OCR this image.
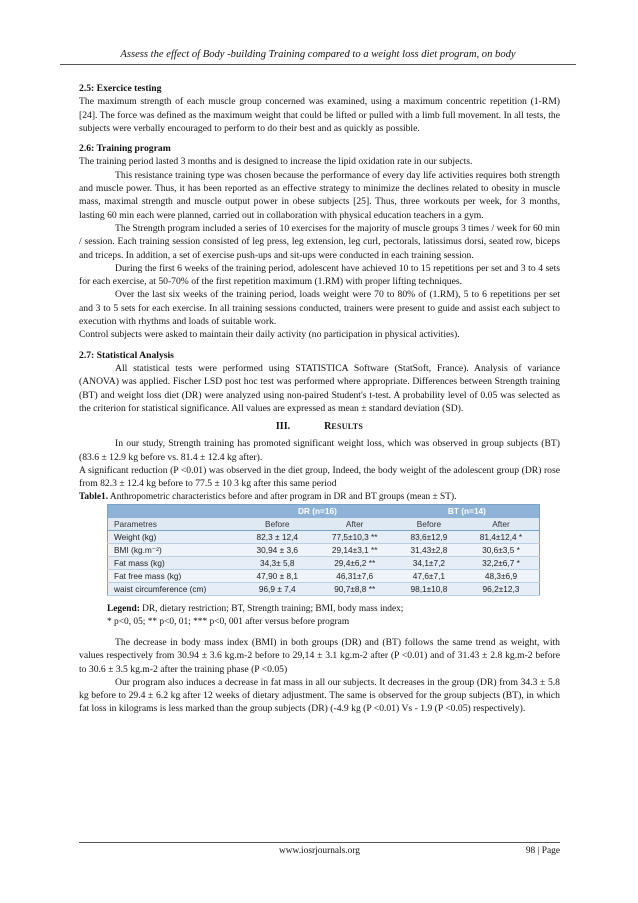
Assess the effect of Body -building Training compared to a weight loss diet program, on body

2.5: Exercice testing

The maximum strength of each muscle group concerned was examined, using a maximum concentric repetition (1-RM) [24]. The force was defined as the maximum weight that could be lifted or pulled with a limb full movement. In all tests, the subjects were verbally encouraged to perform to do their best and as quickly as possible.

2.6: Training program

The training period lasted 3 months and is designed to increase the lipid oxidation rate in our subjects.

This resistance training type was chosen because the performance of every day life activities requires both strength and muscle power. Thus, it has been reported as an effective strategy to minimize the declines related to obesity in muscle mass, maximal strength and muscle output power in obese subjects [25]. Thus, three workouts per week, for 3 months, lasting 60 min each were planned, carried out in collaboration with physical education teachers in a gym.

The Strength program included a series of 10 exercises for the majority of muscle groups 3 times / week for 60 min / session. Each training session consisted of leg press, leg extension, leg curl, pectorals, latissimus dorsi, seated row, biceps and triceps. In addition, a set of exercise push-ups and sit-ups were conducted in each training session.

During the first 6 weeks of the training period, adolescent have achieved 10 to 15 repetitions per set and 3 to 4 sets for each exercise, at 50-70% of the first repetition maximum (1.RM) with proper lifting techniques.

Over the last six weeks of the training period, loads weight were 70 to 80% of (1.RM), 5 to 6 repetitions per set and 3 to 5 sets for each exercise. In all training sessions conducted, trainers were present to guide and assist each subject to execution with rhythms and loads of suitable work.

Control subjects were asked to maintain their daily activity (no participation in physical activities).

2.7: Statistical Analysis

All statistical tests were performed using STATISTICA Software (StatSoft, France). Analysis of variance (ANOVA) was applied. Fischer LSD post hoc test was performed where appropriate. Differences between Strength training (BT) and weight loss diet (DR) were analyzed using non-paired Student's t-test. A probability level of 0.05 was selected as the criterion for statistical significance. All values are expressed as mean ± standard deviation (SD).

III.	RESULTS

In our study, Strength training has promoted significant weight loss, which was observed in group subjects (BT) (83.6 ± 12.9 kg before vs. 81.4 ± 12.4 kg after).

A significant reduction (P <0.01) was observed in the diet group, Indeed, the body weight of the adolescent group (DR) rose from 82.3 ± 12.4 kg before to 77.5 ± 10 3 kg after this same period

Table1. Anthropometric characteristics before and after program in DR and BT groups (mean ± ST).

	DR (n=16)		BT (n=14)	
Parametres	Before	After	Before	After
Weight (kg)	82,3 ± 12,4	77,5±10,3 **	83,6±12,9	81,4±12,4 *
BMI (kg.m⁻²)	30,94 ± 3,6	29,14±3,1 **	31,43±2,8	30,6±3,5 *
Fat mass (kg)	34,3± 5,8	29,4±6,2 **	34,1±7,2	32,2±6,7 *
Fat free mass (kg)	47,90 ± 8,1	46,31±7,6	47,6±7,1	48,3±6,9
waist circumference (cm)	96,9 ± 7,4	90,7±8,8 **	98,1±10,8	96,2±12,3
Legend: DR, dietary restriction; BT, Strength training; BMI, body mass index;
* p<0, 05; ** p<0, 01; *** p<0, 001 after versus before program

The decrease in body mass index (BMI) in both groups (DR) and (BT) follows the same trend as weight, with values respectively from 30.94 ± 3.6 kg.m-2 before to 29,14 ± 3.1 kg.m-2 after (P <0.01) and of 31.43 ± 2.8 kg.m-2 before to 30.6 ± 3.5 kg.m-2 after the training phase (P <0.05)

Our program also induces a decrease in fat mass in all our subjects. It decreases in the group (DR) from 34.3 ± 5.8 kg before to 29.4 ± 6.2 kg after 12 weeks of dietary adjustment. The same is observed for the group subjects (BT), in which fat loss in kilograms is less marked than the group subjects (DR) (-4.9 kg (P <0.01) Vs - 1.9 (P <0.05) respectively).

www.iosrjournals.org	98 | Page
